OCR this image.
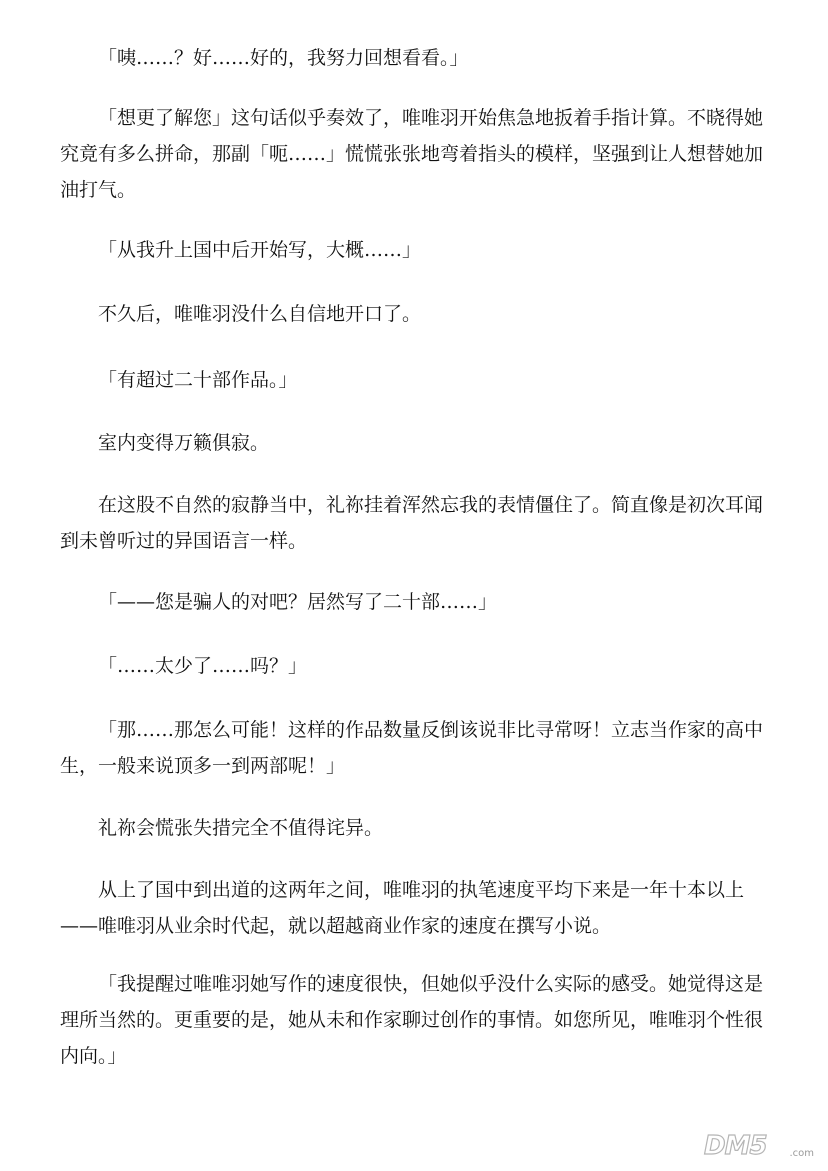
「咦……？好……好的，我努力回想看看。」

「想更了解您」这句话似乎奏效了，唯唯羽开始焦急地扳着手指计算。不晓得她究竟有多么拼命，那副「呃……」慌慌张张地弯着指头的模样，坚强到让人想替她加油打气。

「从我升上国中后开始写，大概……」

不久后，唯唯羽没什么自信地开口了。

「有超过二十部作品。」

室内变得万籁俱寂。

在这股不自然的寂静当中，礼祢挂着浑然忘我的表情僵住了。简直像是初次耳闻到未曾听过的异国语言一样。

「——您是骗人的对吧？居然写了二十部……」

「……太少了……吗？」

「那……那怎么可能！这样的作品数量反倒该说非比寻常呀！立志当作家的高中生，一般来说顶多一到两部呢！」

礼祢会慌张失措完全不值得诧异。

从上了国中到出道的这两年之间，唯唯羽的执笔速度平均下来是一年十本以上——唯唯羽从业余时代起，就以超越商业作家的速度在撰写小说。

「我提醒过唯唯羽她写作的速度很快，但她似乎没什么实际的感受。她觉得这是理所当然的。更重要的是，她从未和作家聊过创作的事情。如您所见，唯唯羽个性很内向。」

DM5 .com
